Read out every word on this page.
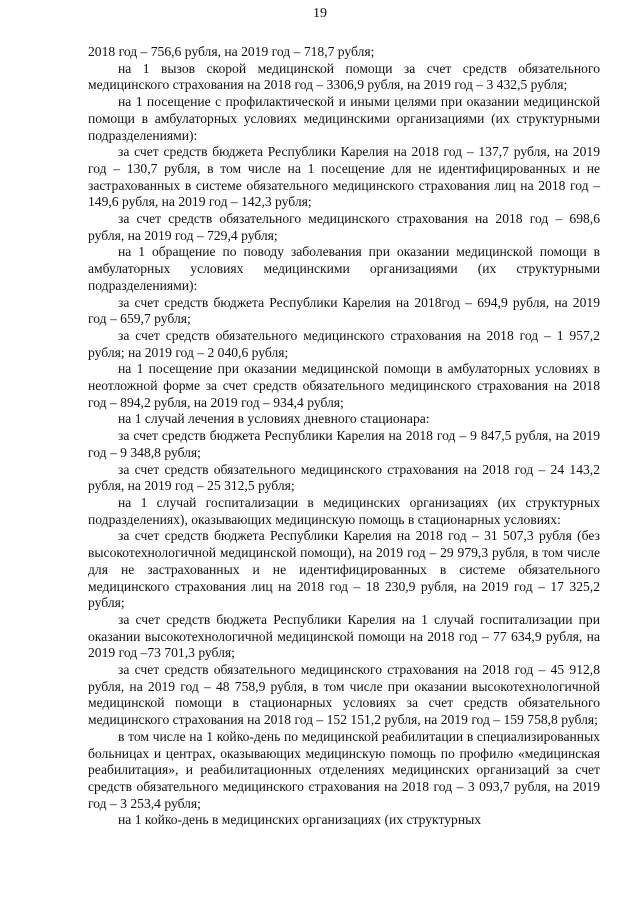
19

2018 год – 756,6 рубля, на 2019 год – 718,7 рубля;

на 1 вызов скорой медицинской помощи за счет средств обязательного медицинского страхования на 2018 год – 3306,9 рубля, на 2019 год – 3 432,5 рубля;

на 1 посещение с профилактической и иными целями при оказании медицинской помощи в амбулаторных условиях медицинскими организациями (их структурными подразделениями):

за счет средств бюджета Республики Карелия на 2018 год – 137,7 рубля, на 2019 год – 130,7 рубля, в том числе на 1 посещение для не идентифицированных и не застрахованных в системе обязательного медицинского страхования лиц на 2018 год – 149,6 рубля, на 2019 год – 142,3 рубля;

за счет средств обязательного медицинского страхования на 2018 год – 698,6 рубля, на 2019 год – 729,4 рубля;

на 1 обращение по поводу заболевания при оказании медицинской помощи в амбулаторных условиях медицинскими организациями (их структурными подразделениями):

за счет средств бюджета Республики Карелия на 2018год – 694,9 рубля, на 2019 год – 659,7 рубля;

за счет средств обязательного медицинского страхования на 2018 год – 1 957,2 рубля; на 2019 год – 2 040,6 рубля;

на 1 посещение при оказании медицинской помощи в амбулаторных условиях в неотложной форме за счет средств обязательного медицинского страхования на 2018 год – 894,2 рубля, на 2019 год – 934,4 рубля;

на 1 случай лечения в условиях дневного стационара:

за счет средств бюджета Республики Карелия на 2018 год – 9 847,5 рубля, на 2019 год – 9 348,8 рубля;

за счет средств обязательного медицинского страхования на 2018 год – 24 143,2 рубля, на 2019 год – 25 312,5 рубля;

на 1 случай госпитализации в медицинских организациях (их структурных подразделениях), оказывающих медицинскую помощь в стационарных условиях:

за счет средств бюджета Республики Карелия на 2018 год – 31 507,3 рубля (без высокотехнологичной медицинской помощи), на 2019 год – 29 979,3 рубля, в том числе для не застрахованных и не идентифицированных в системе обязательного медицинского страхования лиц на 2018 год – 18 230,9 рубля, на 2019 год – 17 325,2 рубля;

за счет средств бюджета Республики Карелия на 1 случай госпитализации при оказании высокотехнологичной медицинской помощи на 2018 год – 77 634,9 рубля, на 2019 год –73 701,3 рубля;

за счет средств обязательного медицинского страхования на 2018 год – 45 912,8 рубля, на 2019 год – 48 758,9 рубля, в том числе при оказании высокотехнологичной медицинской помощи в стационарных условиях за счет средств обязательного медицинского страхования на 2018 год – 152 151,2 рубля, на 2019 год – 159 758,8 рубля;

в том числе на 1 койко-день по медицинской реабилитации в специализированных больницах и центрах, оказывающих медицинскую помощь по профилю «медицинская реабилитация», и реабилитационных отделениях медицинских организаций за счет средств обязательного медицинского страхования на 2018 год – 3 093,7 рубля, на 2019 год – 3 253,4 рубля;

на 1 койко-день в медицинских организациях (их структурных
